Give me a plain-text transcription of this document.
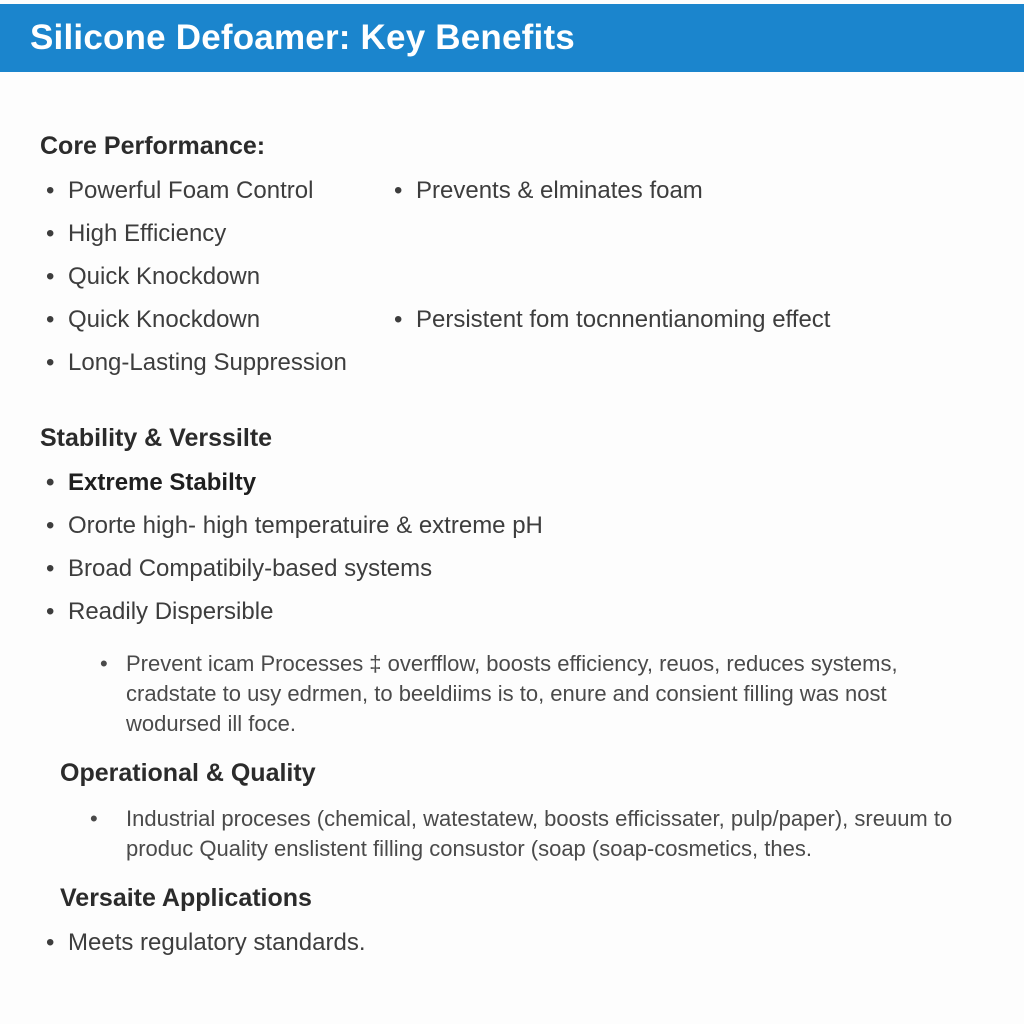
Silicone Defoamer: Key Benefits
Core Performance:
• Powerful Foam Control
• High Efficiency
• Quick Knockdown
• Quick Knockdown
• Long-Lasting Suppression
• Prevents & elminates foam
• Persistent fom tocnnentianoming effect
Stability & Verssilte
• Extreme Stabilty
• Ororte high- high temperatuire & extreme pH
• Broad Compatibily-based systems
• Readily Dispersible
• Prevent icam Processes ‡ overfflow, boosts efficiency, reuos, reduces systems, cradstate to usy edrmen, to beeldiims is to, enure and consient filling was nost wodursed ill foce.
Operational & Quality
• Industrial proceses (chemical, watestatew, boosts efficissater, pulp/paper), sreuum to produc Quality enslistent filling consustor (soap (soap-cosmetics, thes.
Versaite Applications
• Meets regulatory standards.
